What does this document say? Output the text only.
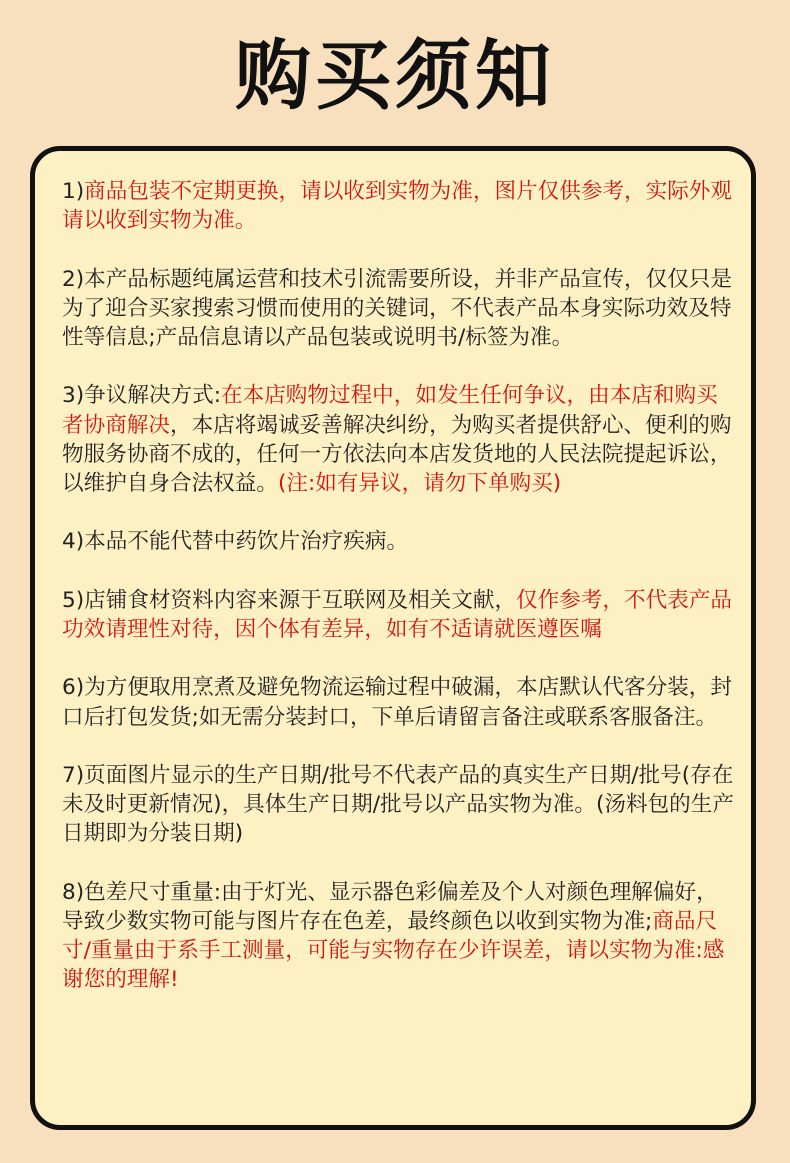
购买须知

1)商品包装不定期更换，请以收到实物为准，图片仅供参考，实际外观请以收到实物为准。

2)本产品标题纯属运营和技术引流需要所设，并非产品宣传，仅仅只是为了迎合买家搜索习惯而使用的关键词，不代表产品本身实际功效及特性等信息;产品信息请以产品包装或说明书/标签为准。

3)争议解决方式:在本店购物过程中，如发生任何争议，由本店和购买者协商解决，本店将竭诚妥善解决纠纷，为购买者提供舒心、便利的购物服务协商不成的，任何一方依法向本店发货地的人民法院提起诉讼，以维护自身合法权益。(注:如有异议，请勿下单购买)

4)本品不能代替中药饮片治疗疾病。

5)店铺食材资料内容来源于互联网及相关文献，仅作参考，不代表产品功效请理性对待，因个体有差异，如有不适请就医遵医嘱

6)为方便取用烹煮及避免物流运输过程中破漏，本店默认代客分装，封口后打包发货;如无需分装封口，下单后请留言备注或联系客服备注。

7)页面图片显示的生产日期/批号不代表产品的真实生产日期/批号(存在未及时更新情况)，具体生产日期/批号以产品实物为准。(汤料包的生产日期即为分装日期)

8)色差尺寸重量:由于灯光、显示器色彩偏差及个人对颜色理解偏好，导致少数实物可能与图片存在色差，最终颜色以收到实物为准;商品尺寸/重量由于系手工测量，可能与实物存在少许误差，请以实物为准:感谢您的理解!
